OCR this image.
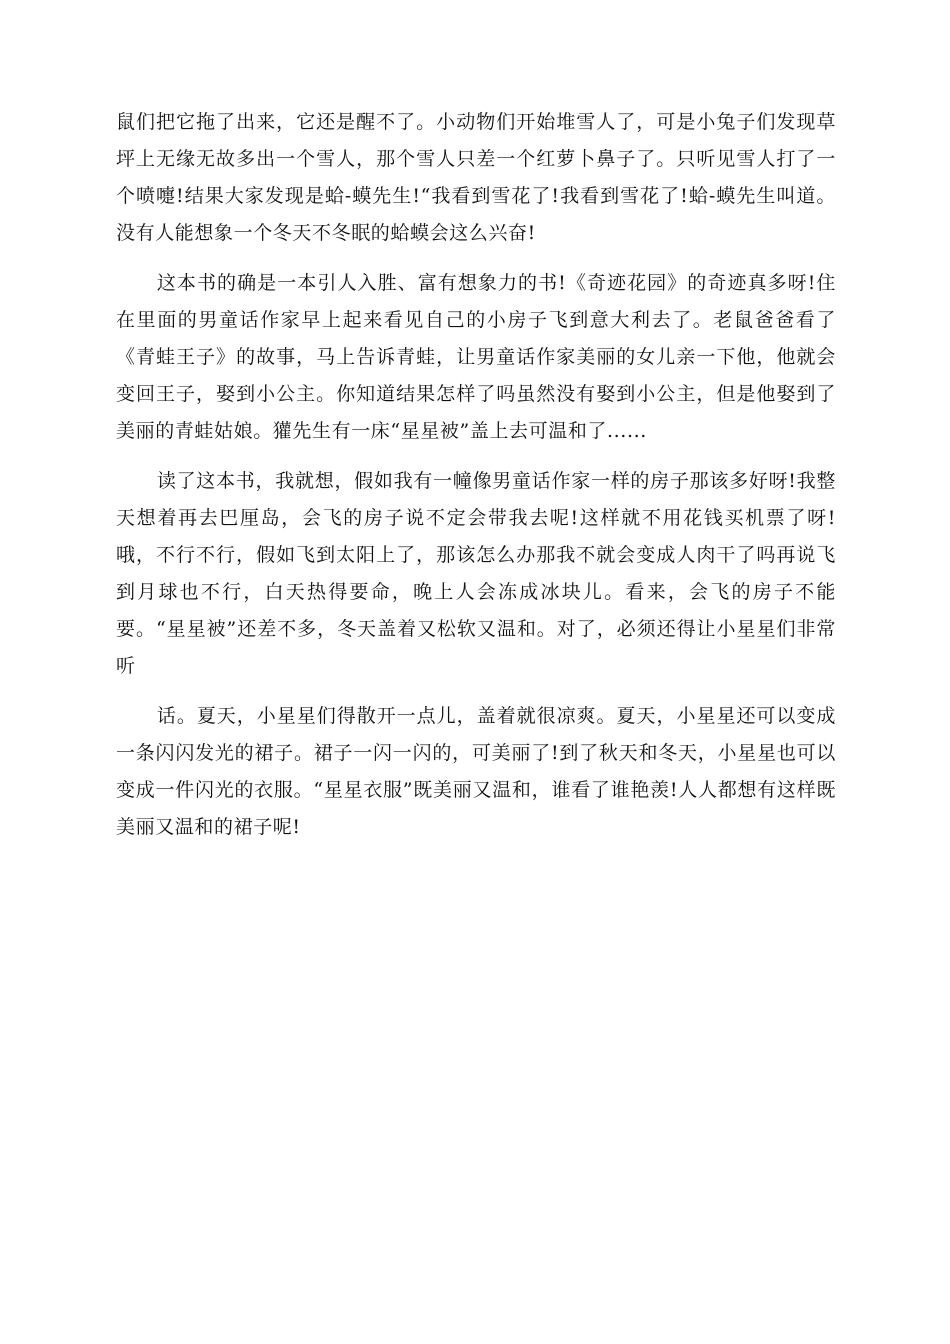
鼠们把它拖了出来，它还是醒不了。小动物们开始堆雪人了，可是小兔子们发现草坪上无缘无故多出一个雪人，那个雪人只差一个红萝卜鼻子了。只听见雪人打了一个喷嚏!结果大家发现是蛤-蟆先生!“我看到雪花了!我看到雪花了!蛤-蟆先生叫道。没有人能想象一个冬天不冬眠的蛤蟆会这么兴奋!

这本书的确是一本引人入胜、富有想象力的书!《奇迹花园》的奇迹真多呀!住在里面的男童话作家早上起来看见自己的小房子飞到意大利去了。老鼠爸爸看了《青蛙王子》的故事，马上告诉青蛙，让男童话作家美丽的女儿亲一下他，他就会变回王子，娶到小公主。你知道结果怎样了吗虽然没有娶到小公主，但是他娶到了美丽的青蛙姑娘。獾先生有一床“星星被”盖上去可温和了......

读了这本书，我就想，假如我有一幢像男童话作家一样的房子那该多好呀!我整天想着再去巴厘岛，会飞的房子说不定会带我去呢!这样就不用花钱买机票了呀!哦，不行不行，假如飞到太阳上了，那该怎么办那我不就会变成人肉干了吗再说飞到月球也不行，白天热得要命，晚上人会冻成冰块儿。看来，会飞的房子不能要。“星星被”还差不多，冬天盖着又松软又温和。对了，必须还得让小星星们非常听

话。夏天，小星星们得散开一点儿，盖着就很凉爽。夏天，小星星还可以变成一条闪闪发光的裙子。裙子一闪一闪的，可美丽了!到了秋天和冬天，小星星也可以变成一件闪光的衣服。“星星衣服”既美丽又温和，谁看了谁艳羡!人人都想有这样既美丽又温和的裙子呢!
